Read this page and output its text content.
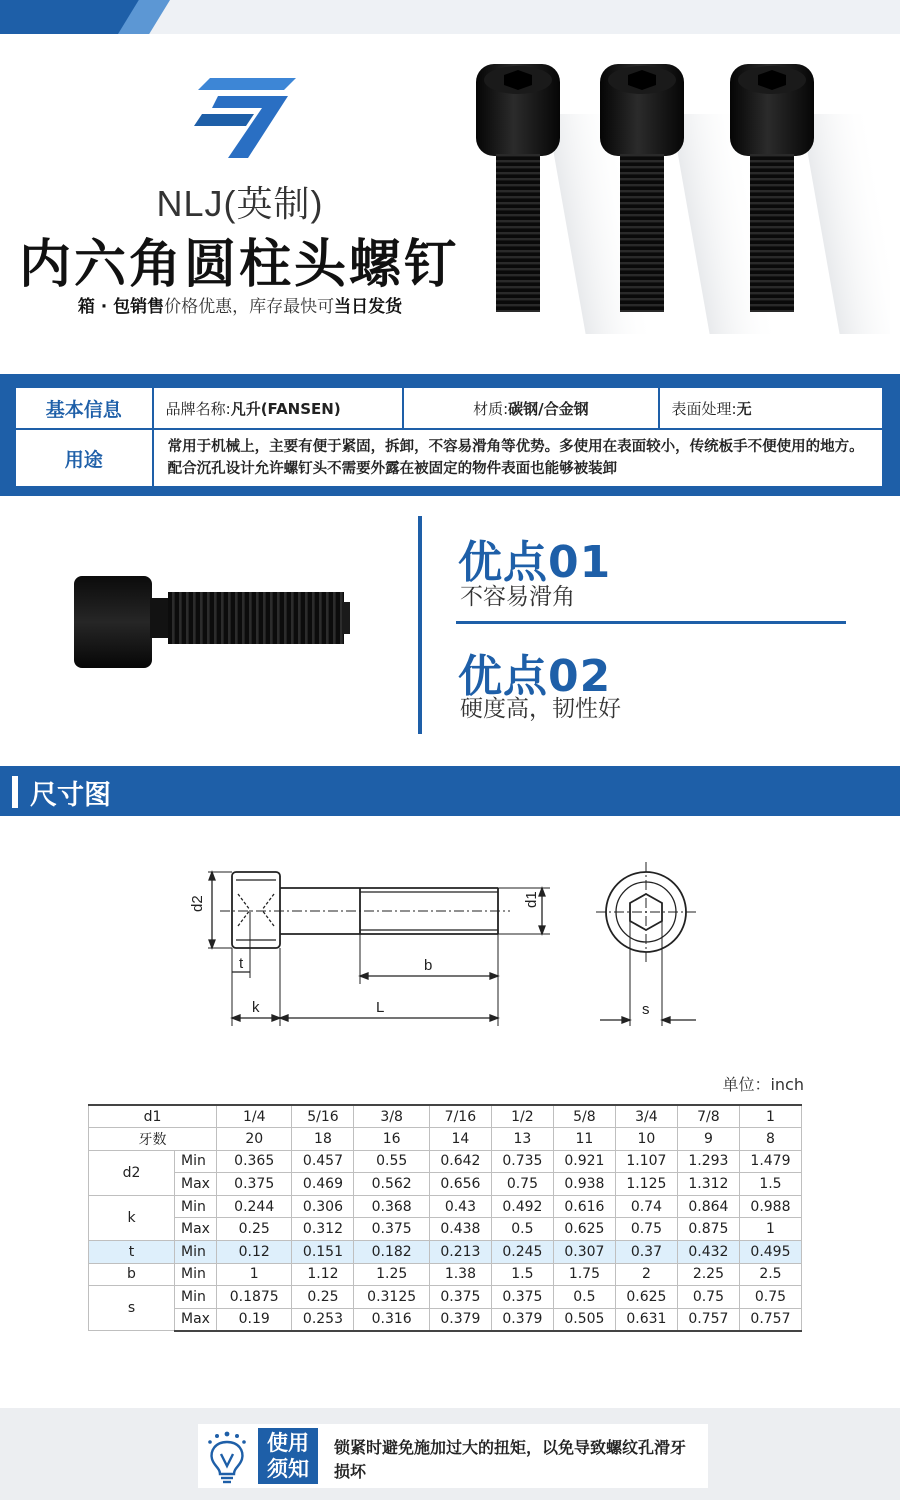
NLJ(英制)
内六角圆柱头螺钉
箱 · 包销售价格优惠，库存最快可当日发货
基本信息	品牌名称:凡升(FANSEN)	材质:碳钢/合金钢	表面处理:无
用途	常用于机械上，主要有便于紧固，拆卸，不容易滑角等优势。多使用在表面较小，传统板手不便使用的地方。配合沉孔设计允许螺钉头不需要外露在被固定的物件表面也能够被装卸		
优点01
不容易滑角
优点02
硬度高，韧性好
尺寸图
d2	d1
t
k
b
L	s
单位：inch
d1		1/4	5/16	3/8	7/16	1/2	5/8	3/4	7/8	1
牙数		20	18	16	14	13	11	10	9	8
d2	Min	0.365	0.457	0.55	0.642	0.735	0.921	1.107	1.293	1.479
	Max	0.375	0.469	0.562	0.656	0.75	0.938	1.125	1.312	1.5
k	Min	0.244	0.306	0.368	0.43	0.492	0.616	0.74	0.864	0.988
	Max	0.25	0.312	0.375	0.438	0.5	0.625	0.75	0.875	1
t	Min	0.12	0.151	0.182	0.213	0.245	0.307	0.37	0.432	0.495
b	Min	1	1.12	1.25	1.38	1.5	1.75	2	2.25	2.5
s	Min	0.1875	0.25	0.3125	0.375	0.375	0.5	0.625	0.75	0.75
	Max	0.19	0.253	0.316	0.379	0.379	0.505	0.631	0.757	0.757
使用
须知
锁紧时避免施加过大的扭矩，以免导致螺纹孔滑牙损坏
